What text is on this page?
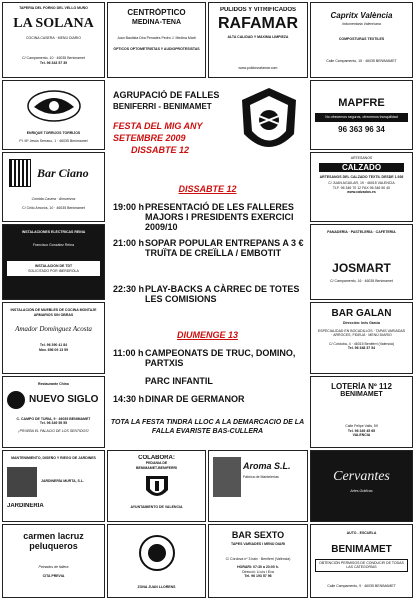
TAPERIA DEL FORNO DEL VELLO MUÑO
LA SOLANA
COCINA CASERA · MENÚ DIARIO
C/ Campamento, 10 · 46035 Benimamet
Tel. 96 343 57 39
ENRIQUE TORRIJOS TORRIJOS
Pl. Mº Jesús Serrano, 1 · 46035 Benimamet
Bar Ciano
Comida Casera · Almuerzos
C/ Cirilo Amorós, 10 · 46035 Benimamet
INSTALACIONES ELÉCTRICAS REINA
Francisco González Reina
INSTALACIÓN DE TDT
SOLICITADO POR IBERDROLA
INSTALACIÓN DE MUEBLES DE COCINA MONTAJE ARMARIOS SIN OBRAS
Amador Domínguez Acosta
Tel. 96 390 41 84
Mov. 656 09 13 59
Restaurante Chino
NUEVO SIGLO
C. CAMPO DE TURIA, 9 · 46035 BENIMAMET
Tel. 96 349 55 55
¡PRUEBA EL PALACIO DE LOS SENTIDOS!
MANTENIMIENTO, DISEÑO Y RIEGO DE JARDINES
JARDINERÍA MURTA, S.L.
JARDINERÍA
carmen lacruz peluqueros
Peinados de fallera
CITA PREVIA
CENTRÓPTICO
MEDINA-TENA
Juan Bautista Dira Penades Pedro J. Medina Martí
ÓPTICOS OPTOMETRISTAS Y AUDIOPROTESISTAS
PULIDOS Y VITRIFICADOS
RAFAMAR
ALTA CALIDAD Y MÁXIMA LIMPIEZA
www.pulidosrafamar.com
AGRUPACIÓ DE FALLES
BENIFERRI - BENIMAMET
FESTA DEL MIG ANY
SETEMBRE 2009
DISSABTE 12
DISSABTE 12
19:00 h PRESENTACIÓ DE LES FALLERES MAJORS I PRESIDENTS EXERCICI 2009/10
21:00 h SOPAR POPULAR ENTREPANS A 3 € TRUÏTA DE CREÏLLA / EMBOTIT
22:30 h PLAY-BACKS A CÀRREC DE TOTES LES COMISIONS
DIUMENGE 13
11:00 h CAMPEONATS DE TRUC, DOMINO, PARTXIS
PARC INFANTIL
14:30 h DINAR DE GERMANOR
TOTA LA FESTA TINDRÀ LLOC A LA DEMARCACIÓ DE LA FALLA EVARISTE BAS-CULLERA
COLABORA:
PEDANIA DE
BENIMAMET-BENIFERRI
AYUNTAMIENTO DE VALENCIA
Aroma S.L.
Fábrica de Mantelerías
ZONA JUAN LLORENS
BAR SEXTO
TAPES VARIADES I MENÚ DIARI
C/ Còrdova nº 3 baix · Beniferri (València)
HORARI: 07:30 a 23:00 h.
Direcció: Ll.uís i Eva
Tel. 96 193 57 96
Capritx València
Indumentaria Valenciana
COMPOSTURAS TEXTILES
Calle Campamento, 15 · 46035 BENIMAMET
MAPFRE
No ofrecemos seguros, ofrecemos tranquilidad
96 363 96 34
ARTESANOS
CALZADO
ARTESANOS DEL CALZADO TEXTIL DESDE 1.926
C/ JUAN AGUILAR, 19 · 46015 VALENCIA
TLF. 96 346 70 12 FAX 96 346 50 40
www.calzados.es
PANADERÍA · PASTELERÍA · CAFETERÍA
JOSMART
C/ Campamento, 16 · 46035 Benimamet
BAR GALÁN
Dirección: Inés García
ESPECIALIDAD EN BOCADILLOS · TAPAS VARIADAS · ARROCES, FIDEUÀ · MENÚ DIARIO
C/ Córdoba, 4 · 46015 Beniferri (Valencia)
Tel. 96 348 37 54
LOTERÍA Nº 112
BENIMÀMET
Calle Felipe Valls, 59
Tel. 96 349 45 65
VALENCIA
Cervantes
Artes Gráficas
AUTO - ESCUELA
BENIMÀMET
OBTENCIÓN PERMISOS DE CONDUCIR DE TODAS LAS CATEGORÍAS
Calle Campamento, 9 · 46035 BENIMAMET
